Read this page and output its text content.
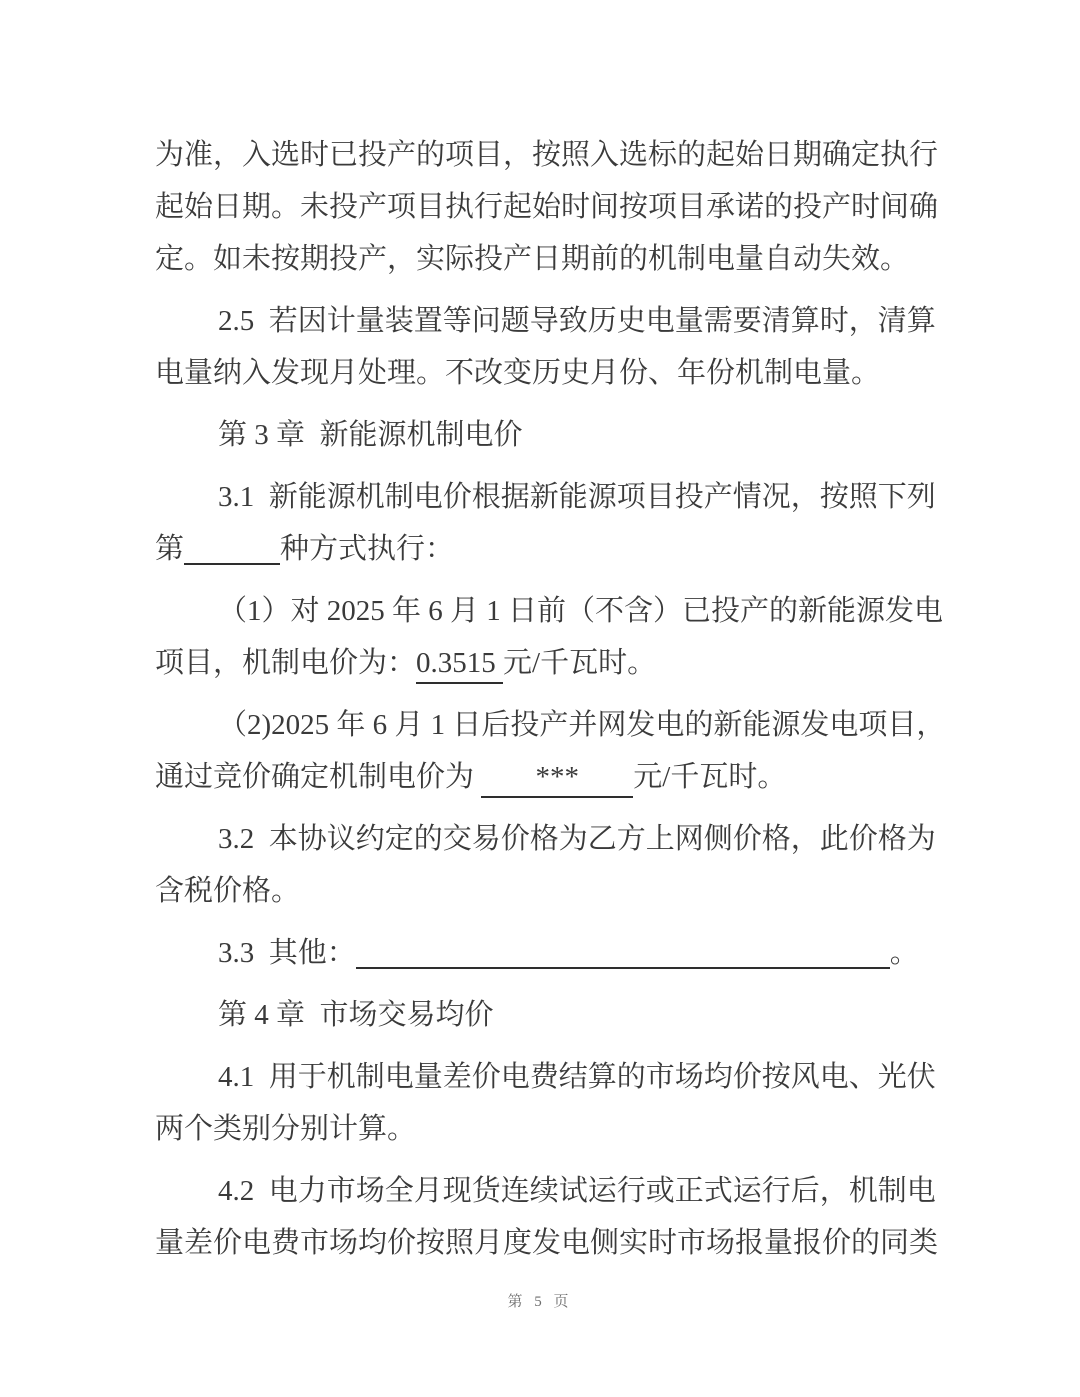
为准，入选时已投产的项目，按照入选标的起始日期确定执行
起始日期。未投产项目执行起始时间按项目承诺的投产时间确
定。如未按期投产，实际投产日期前的机制电量自动失效。
2.5  若因计量装置等问题导致历史电量需要清算时，清算
电量纳入发现月处理。不改变历史月份、年份机制电量。
第 3 章  新能源机制电价
3.1  新能源机制电价根据新能源项目投产情况，按照下列
第	种方式执行：
（1）对 2025 年 6 月 1 日前（不含）已投产的新能源发电
项目，机制电价为：0.3515 元/千瓦时。
（2)2025 年 6 月 1 日后投产并网发电的新能源发电项目，
通过竞价确定机制电价为 *** 元/千瓦时。
3.2  本协议约定的交易价格为乙方上网侧价格，此价格为
含税价格。
3.3  其他：	。
第 4 章  市场交易均价
4.1  用于机制电量差价电费结算的市场均价按风电、光伏
两个类别分别计算。
4.2  电力市场全月现货连续试运行或正式运行后，机制电
量差价电费市场均价按照月度发电侧实时市场报量报价的同类
第 5 页
